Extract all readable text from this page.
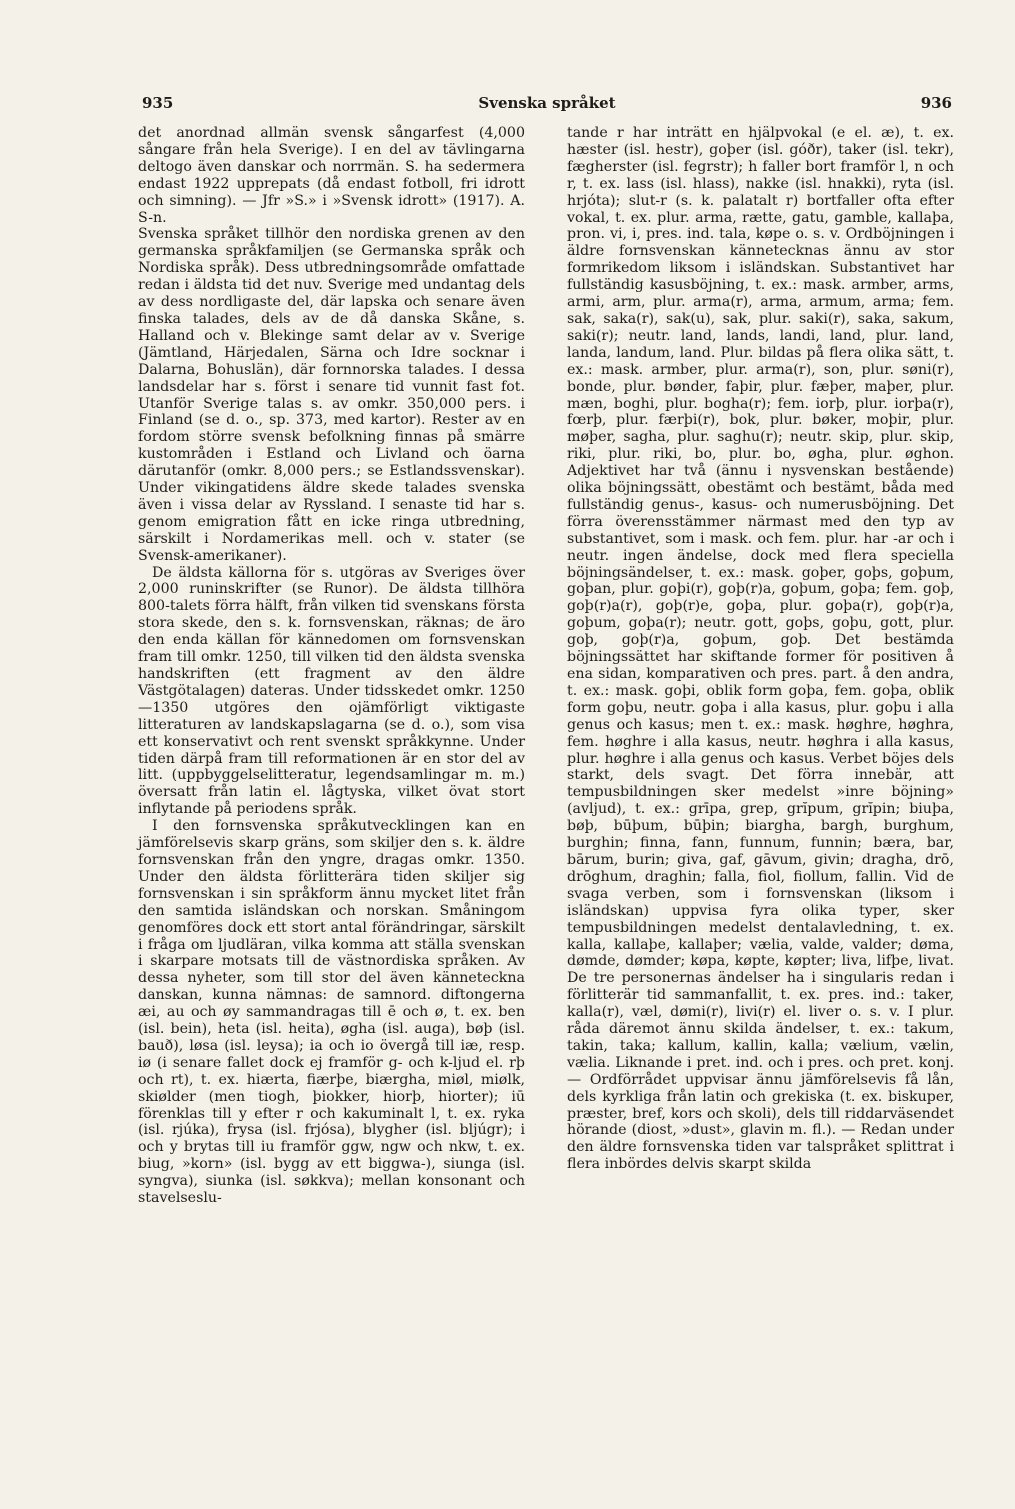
935	Svenska språket	936

det anordnad allmän svensk sångarfest (4,000 sångare från hela Sverige). I en del av tävlingarna deltogo även danskar och norrmän. S. ha sedermera endast 1922 upprepats (då endast fotboll, fri idrott och simning). — Jfr »S.» i »Svensk idrott» (1917). A. S-n.

Svenska språket tillhör den nordiska grenen av den germanska språkfamiljen (se Germanska språk och Nordiska språk). Dess utbredningsområde omfattade redan i äldsta tid det nuv. Sverige med undantag dels av dess nordligaste del, där lapska och senare även finska talades, dels av de då danska Skåne, s. Halland och v. Blekinge samt delar av v. Sverige (Jämtland, Härjedalen, Särna och Idre socknar i Dalarna, Bohuslän), där fornnorska talades. I dessa landsdelar har s. först i senare tid vunnit fast fot. Utanför Sverige talas s. av omkr. 350,000 pers. i Finland (se d. o., sp. 373, med kartor). Rester av en fordom större svensk befolkning finnas på smärre kustområden i Estland och Livland och öarna därutanför (omkr. 8,000 pers.; se Estlandssvenskar). Under vikingatidens äldre skede talades svenska även i vissa delar av Ryssland. I senaste tid har s. genom emigration fått en icke ringa utbredning, särskilt i Nordamerikas mell. och v. stater (se Svensk-amerikaner).

De äldsta källorna för s. utgöras av Sveriges över 2,000 runinskrifter (se Runor). De äldsta tillhöra 800-talets förra hälft, från vilken tid svenskans första stora skede, den s. k. fornsvenskan, räknas; de äro den enda källan för kännedomen om fornsvenskan fram till omkr. 1250, till vilken tid den äldsta svenska handskriften (ett fragment av den äldre Västgötalagen) dateras. Under tidsskedet omkr. 1250—1350 utgöres den ojämförligt viktigaste litteraturen av landskapslagarna (se d. o.), som visa ett konservativt och rent svenskt språkkynne. Under tiden därpå fram till reformationen är en stor del av litt. (uppbyggelselitteratur, legendsamlingar m. m.) översatt från latin el. lågtyska, vilket övat stort inflytande på periodens språk.

I den fornsvenska språkutvecklingen kan en jämförelsevis skarp gräns, som skiljer den s. k. äldre fornsvenskan från den yngre, dragas omkr. 1350. Under den äldsta förlitterära tiden skiljer sig fornsvenskan i sin språkform ännu mycket litet från den samtida isländskan och norskan. Småningom genomföres dock ett stort antal förändringar, särskilt i fråga om ljudläran, vilka komma att ställa svenskan i skarpare motsats till de västnordiska språken. Av dessa nyheter, som till stor del även känneteckna danskan, kunna nämnas: de samnord. diftongerna æi, au och øy sammandragas till ē och ø, t. ex. ben (isl. bein), heta (isl. heita), øgha (isl. auga), bøþ (isl. bauð), løsa (isl. leysa); ia och io övergå till iæ, resp. iø (i senare fallet dock ej framför g- och k-ljud el. rþ och rt), t. ex. hiærta, fiærþe, biærgha, miøl, miølk, skiølder (men tiogh, þiokker, hiorþ, hiorter); iū förenklas till y efter r och kakuminalt l, t. ex. ryka (isl. rjúka), frysa (isl. frjósa), blygher (isl. bljúgr); i och y brytas till iu framför ggw, ngw och nkw, t. ex. biug, »korn» (isl. bygg av ett biggwa-), siunga (isl. syngva), siunka (isl. søkkva); mellan konsonant och stavelseslu-

tande r har inträtt en hjälpvokal (e el. æ), t. ex. hæster (isl. hestr), goþer (isl. góðr), taker (isl. tekr), fægherster (isl. fegrstr); h faller bort framför l, n och r, t. ex. lass (isl. hlass), nakke (isl. hnakki), ryta (isl. hrjóta); slut-r (s. k. palatalt r) bortfaller ofta efter vokal, t. ex. plur. arma, rætte, gatu, gamble, kallaþa, pron. vi, i, pres. ind. tala, køpe o. s. v. Ordböjningen i äldre fornsvenskan kännetecknas ännu av stor formrikedom liksom i isländskan. Substantivet har fullständig kasusböjning, t. ex.: mask. armber, arms, armi, arm, plur. arma(r), arma, armum, arma; fem. sak, saka(r), sak(u), sak, plur. saki(r), saka, sakum, saki(r); neutr. land, lands, landi, land, plur. land, landa, landum, land. Plur. bildas på flera olika sätt, t. ex.: mask. armber, plur. arma(r), son, plur. søni(r), bonde, plur. bønder, faþir, plur. fæþer, maþer, plur. mæn, boghi, plur. bogha(r); fem. iorþ, plur. iorþa(r), fœrþ, plur. færþi(r), bok, plur. bøker, moþir, plur. møþer, sagha, plur. saghu(r); neutr. skip, plur. skip, riki, plur. riki, bo, plur. bo, øgha, plur. øghon. Adjektivet har två (ännu i nysvenskan bestående) olika böjningssätt, obestämt och bestämt, båda med fullständig genus-, kasus- och numerusböjning. Det förra överensstämmer närmast med den typ av substantivet, som i mask. och fem. plur. har -ar och i neutr. ingen ändelse, dock med flera speciella böjningsändelser, t. ex.: mask. goþer, goþs, goþum, goþan, plur. goþi(r), goþ(r)a, goþum, goþa; fem. goþ, goþ(r)a(r), goþ(r)e, goþa, plur. goþa(r), goþ(r)a, goþum, goþa(r); neutr. gott, goþs, goþu, gott, plur. goþ, goþ(r)a, goþum, goþ. Det bestämda böjningssättet har skiftande former för positiven å ena sidan, komparativen och pres. part. å den andra, t. ex.: mask. goþi, oblik form goþa, fem. goþa, oblik form goþu, neutr. goþa i alla kasus, plur. goþu i alla genus och kasus; men t. ex.: mask. høghre, høghra, fem. høghre i alla kasus, neutr. høghra i alla kasus, plur. høghre i alla genus och kasus. Verbet böjes dels starkt, dels svagt. Det förra innebär, att tempusbildningen sker medelst »inre böjning» (avljud), t. ex.: grīpa, grep, grĭpum, grĭpin; biuþa, bøþ, būþum, būþin; biargha, bargh, burghum, burghin; finna, fann, funnum, funnin; bæra, bar, bārum, burin; giva, gaf, gāvum, givin; dragha, drō, drōghum, draghin; falla, fiol, fiollum, fallin. Vid de svaga verben, som i fornsvenskan (liksom i isländskan) uppvisa fyra olika typer, sker tempusbildningen medelst dentalavledning, t. ex. kalla, kallaþe, kallaþer; vælia, valde, valder; døma, dømde, dømder; køpa, køpte, køpter; liva, lifþe, livat. De tre personernas ändelser ha i singularis redan i förlitterär tid sammanfallit, t. ex. pres. ind.: taker, kalla(r), væl, dømi(r), livi(r) el. liver o. s. v. I plur. råda däremot ännu skilda ändelser, t. ex.: takum, takin, taka; kallum, kallin, kalla; vælium, vælin, vælia. Liknande i pret. ind. och i pres. och pret. konj. — Ordförrådet uppvisar ännu jämförelsevis få lån, dels kyrkliga från latin och grekiska (t. ex. biskuper, præster, bref, kors och skoli), dels till riddarväsendet hörande (diost, »dust», glavin m. fl.). — Redan under den äldre fornsvenska tiden var talspråket splittrat i flera inbördes delvis skarpt skilda
